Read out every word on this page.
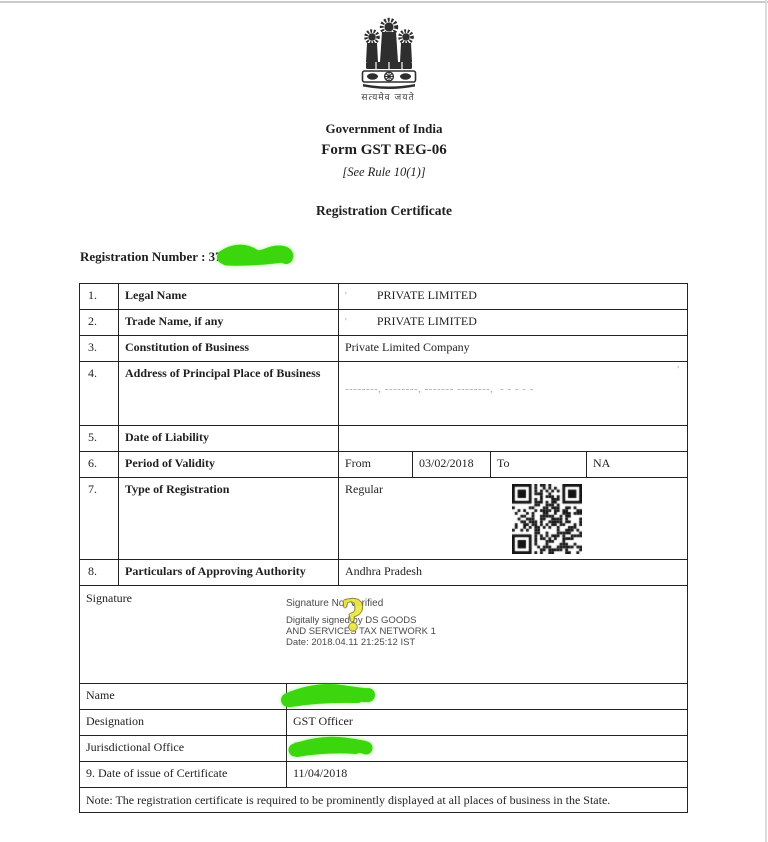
सत्यमेव जयते
Government of India
Form GST REG-06
[See Rule 10(1)]
Registration Certificate
Registration Number : 37
1.	Legal Name	'	PRIVATE LIMITED
2.	Trade Name, if any	'	PRIVATE LIMITED
3.	Constitution of Business	Private Limited Company
4.	Address of Principal Place of Business
--------, --------, ------- --------,  - - - - -
'
5.	Date of Liability
6.	Period of Validity	From	03/02/2018	To	NA
7.	Type of Registration	Regular
8.	Particulars of Approving Authority	Andhra Pradesh
Signature	Signature Not Verified
Digitally signed by DS GOODS
AND SERVICES TAX NETWORK 1
Date: 2018.04.11 21:25:12 IST
?
Name
Designation	GST Officer
Jurisdictional Office	C
9. Date of issue of Certificate	11/04/2018
Note: The registration certificate is required to be prominently displayed at all places of business in the State.
